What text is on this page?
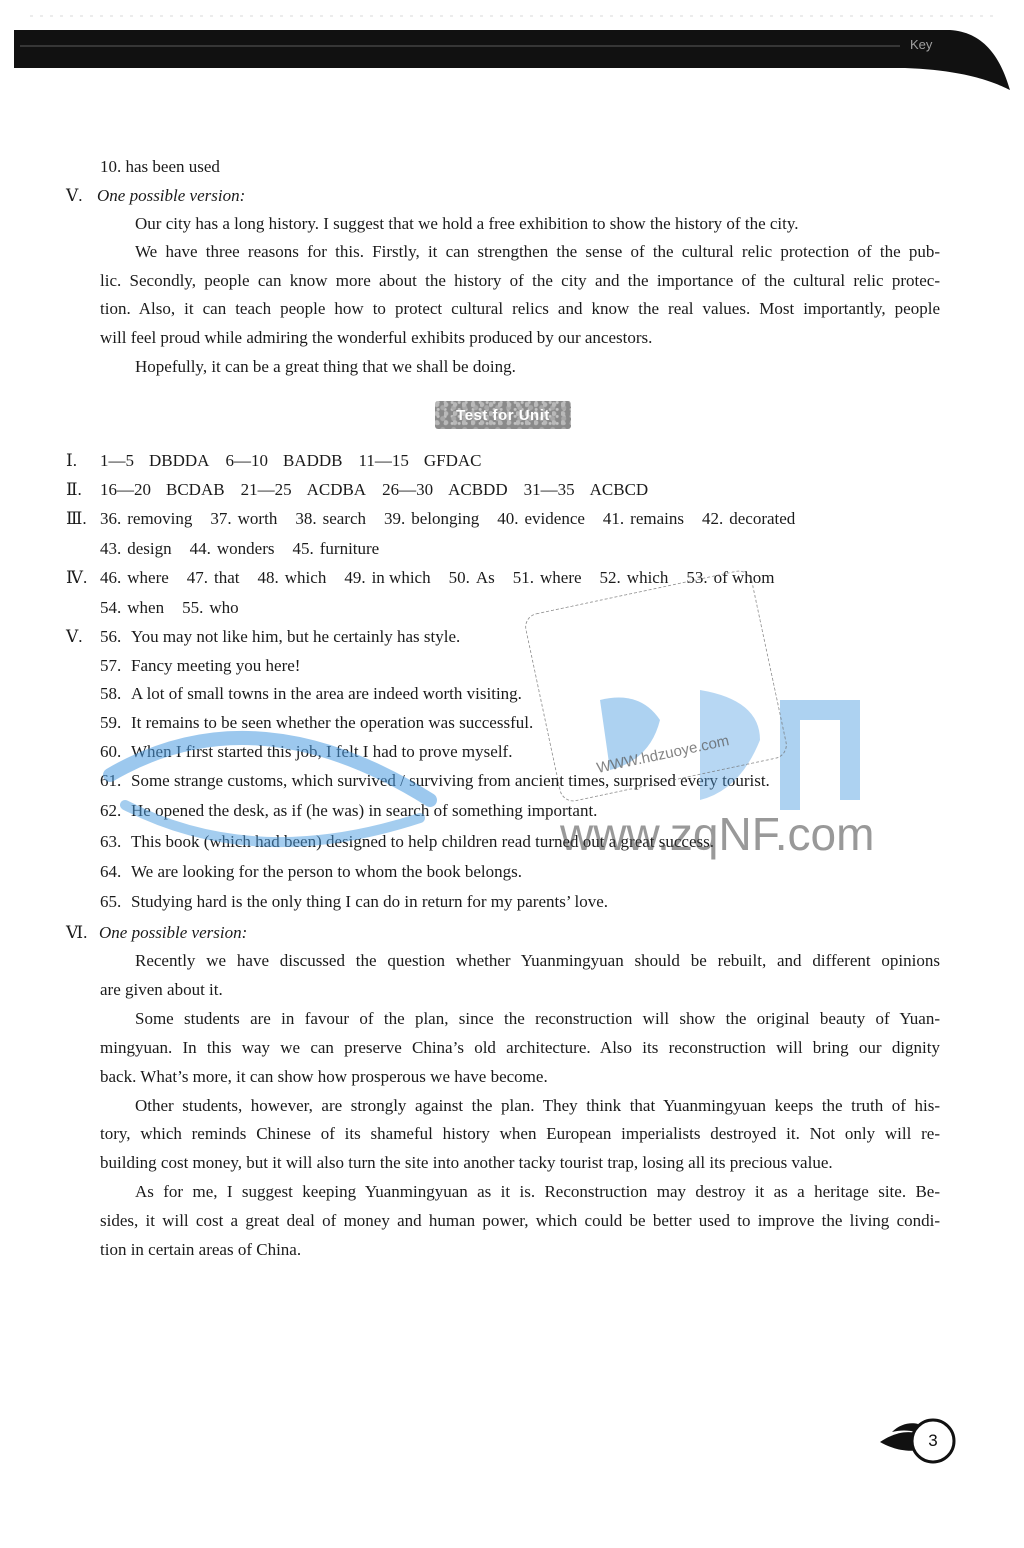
Key
10. has been used
Ⅴ. One possible version:
Our city has a long history. I suggest that we hold a free exhibition to show the history of the city.
We have three reasons for this. Firstly, it can strengthen the sense of the cultural relic protection of the pub-
lic. Secondly, people can know more about the history of the city and the importance of the cultural relic protec-
tion. Also, it can teach people how to protect cultural relics and know the real values. Most importantly, people
will feel proud while admiring the wonderful exhibits produced by our ancestors.
Hopefully, it can be a great thing that we shall be doing.
Test for Unit
Ⅰ. 1—5 DBDDA 6—10 BADDB 11—15 GFDAC
Ⅱ. 16—20 BCDAB 21—25 ACDBA 26—30 ACBDD 31—35 ACBCD
Ⅲ. 36. removing 37. worth 38. search 39. belonging 40. evidence 41. remains 42. decorated
43. design 44. wonders 45. furniture
Ⅳ. 46. where 47. that 48. which 49. in which 50. As 51. where 52. which 53. of whom
54. when 55. who
Ⅴ. 56. You may not like him, but he certainly has style.
57. Fancy meeting you here!
58. A lot of small towns in the area are indeed worth visiting.
59. It remains to be seen whether the operation was successful.
60. When I first started this job, I felt I had to prove myself.
61. Some strange customs, which survived / surviving from ancient times, surprised every tourist.
62. He opened the desk, as if (he was) in search of something important.
63. This book (which had been) designed to help children read turned out a great success.
64. We are looking for the person to whom the book belongs.
65. Studying hard is the only thing I can do in return for my parents’ love.
Ⅵ. One possible version:
Recently we have discussed the question whether Yuanmingyuan should be rebuilt, and different opinions
are given about it.
Some students are in favour of the plan, since the reconstruction will show the original beauty of Yuan-
mingyuan. In this way we can preserve China’s old architecture. Also its reconstruction will bring our dignity
back. What’s more, it can show how prosperous we have become.
Other students, however, are strongly against the plan. They think that Yuanmingyuan keeps the truth of his-
tory, which reminds Chinese of its shameful history when European imperialists destroyed it. Not only will re-
building cost money, but it will also turn the site into another tacky tourist trap, losing all its precious value.
As for me, I suggest keeping Yuanmingyuan as it is. Reconstruction may destroy it as a heritage site. Be-
sides, it will cost a great deal of money and human power, which could be better used to improve the living condi-
tion in certain areas of China.
WWW.hdzuoye.com
www.zqNF.com
3
